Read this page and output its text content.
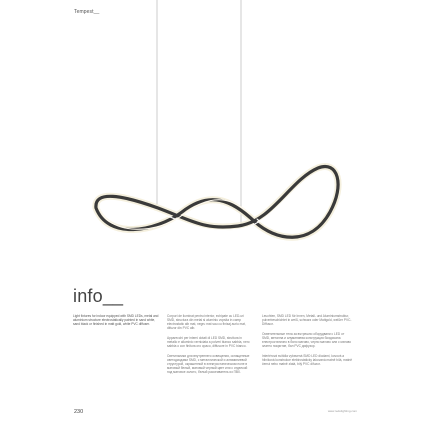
Tempest__
info__

Light fixtures for indoor equipped with SMD LEDs, metal and aluminium structure electrostatically painted in sand white, sand black or finished in matt gold, white PVC diffuser.

Corpuri de iluminat pentru interior, echipate cu LED-uri SMD, structura din metal si aluminiu vopsita in camp electrostatic alb mat, negru mat sau cu finisaj auriu mat, difuzor din PVC alb.

Apparecchi per interni dotati di LED SMD, struttura in metallo e alluminio verniciata a polveri bianco sabbia, nero sabbia o con finitura oro opaco, diffusore in PVC bianco.

Светильники для внутреннего освещения, оснащенные светодиодами SMD, с металлической и алюминиевой структурой, окрашенной в электростатическом поле в матовый белый, матовый черный цвет или с отделкой под матовое золото, белый рассеиватель из ПВХ.

Leuchten, SMD LED für Innen, Metall- und Aluminiumstruktur, pulverbeschichtet in weiß, schwarz oder Mattgold, weißer PVC-Diffusor.

Осветительные тела за вътрешно оборудвани с LED от SMD, метална и алуминиева конструкция боядисана електростатично в бяло матово, черно матово или с матово златно покритие, бял PVC дифузор.

Interiérová svítidla vybavená SMD LED diodami, kovová a hliníková konstrukce elektrostaticky lakovaná matně bílá, matně černá nebo matně zlatá, bílý PVC difuzor.

230	www.redolighting.com
